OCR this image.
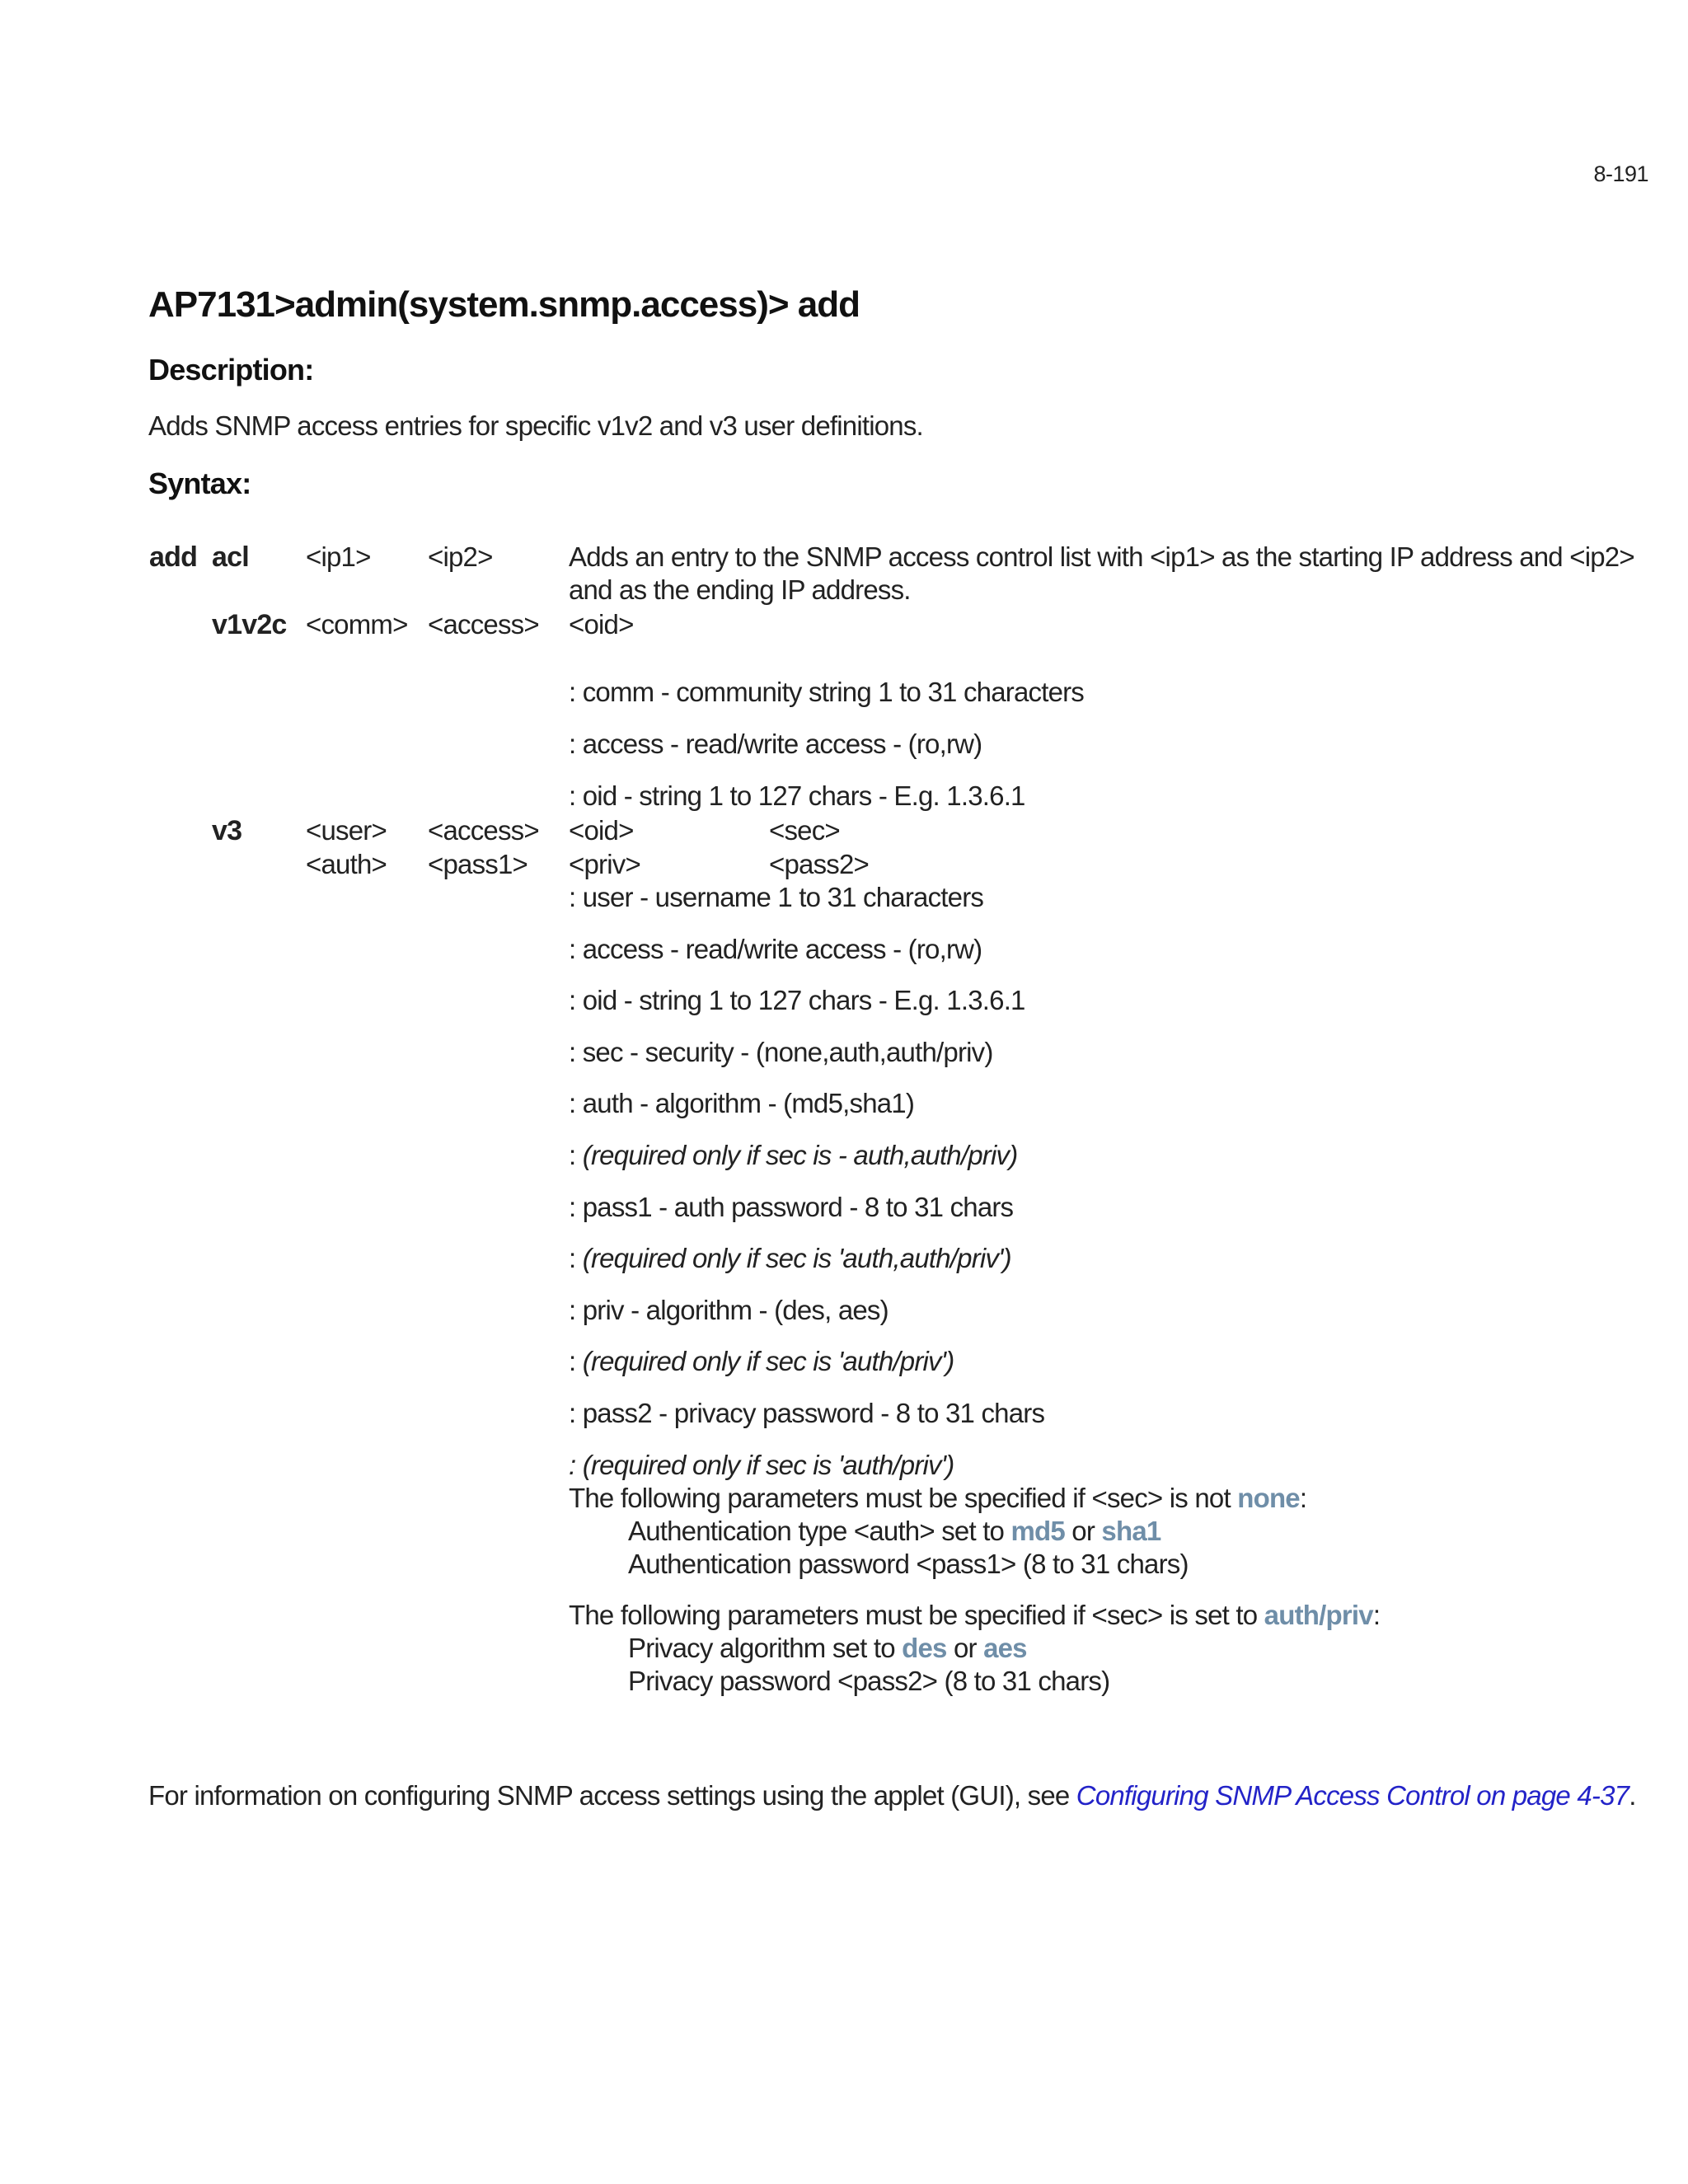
8-191
AP7131>admin(system.snmp.access)> add
Description:
Adds SNMP access entries for specific v1v2 and v3 user definitions.
Syntax:
add acl <ip1> <ip2>	Adds an entry to the SNMP access control list with <ip1> as the starting IP address and <ip2>
and as the ending IP address.
v1v2c <comm> <access> <oid>
: comm - community string 1 to 31 characters
: access - read/write access - (ro,rw)
: oid - string 1 to 127 chars - E.g. 1.3.6.1
v3 <user> <access> <oid>	<sec>
<auth> <pass1> <priv>	<pass2>
: user - username 1 to 31 characters
: access - read/write access - (ro,rw)
: oid - string 1 to 127 chars - E.g. 1.3.6.1
: sec - security - (none,auth,auth/priv)
: auth - algorithm - (md5,sha1)
: (required only if sec is - auth,auth/priv)
: pass1 - auth password - 8 to 31 chars
: (required only if sec is 'auth,auth/priv')
: priv - algorithm - (des, aes)
: (required only if sec is 'auth/priv')
: pass2 - privacy password - 8 to 31 chars
: (required only if sec is 'auth/priv')
The following parameters must be specified if <sec> is not none:
Authentication type <auth> set to md5 or sha1
Authentication password <pass1> (8 to 31 chars)
The following parameters must be specified if <sec> is set to auth/priv:
Privacy algorithm set to des or aes
Privacy password <pass2> (8 to 31 chars)
For information on configuring SNMP access settings using the applet (GUI), see Configuring SNMP Access Control on page 4-37.
